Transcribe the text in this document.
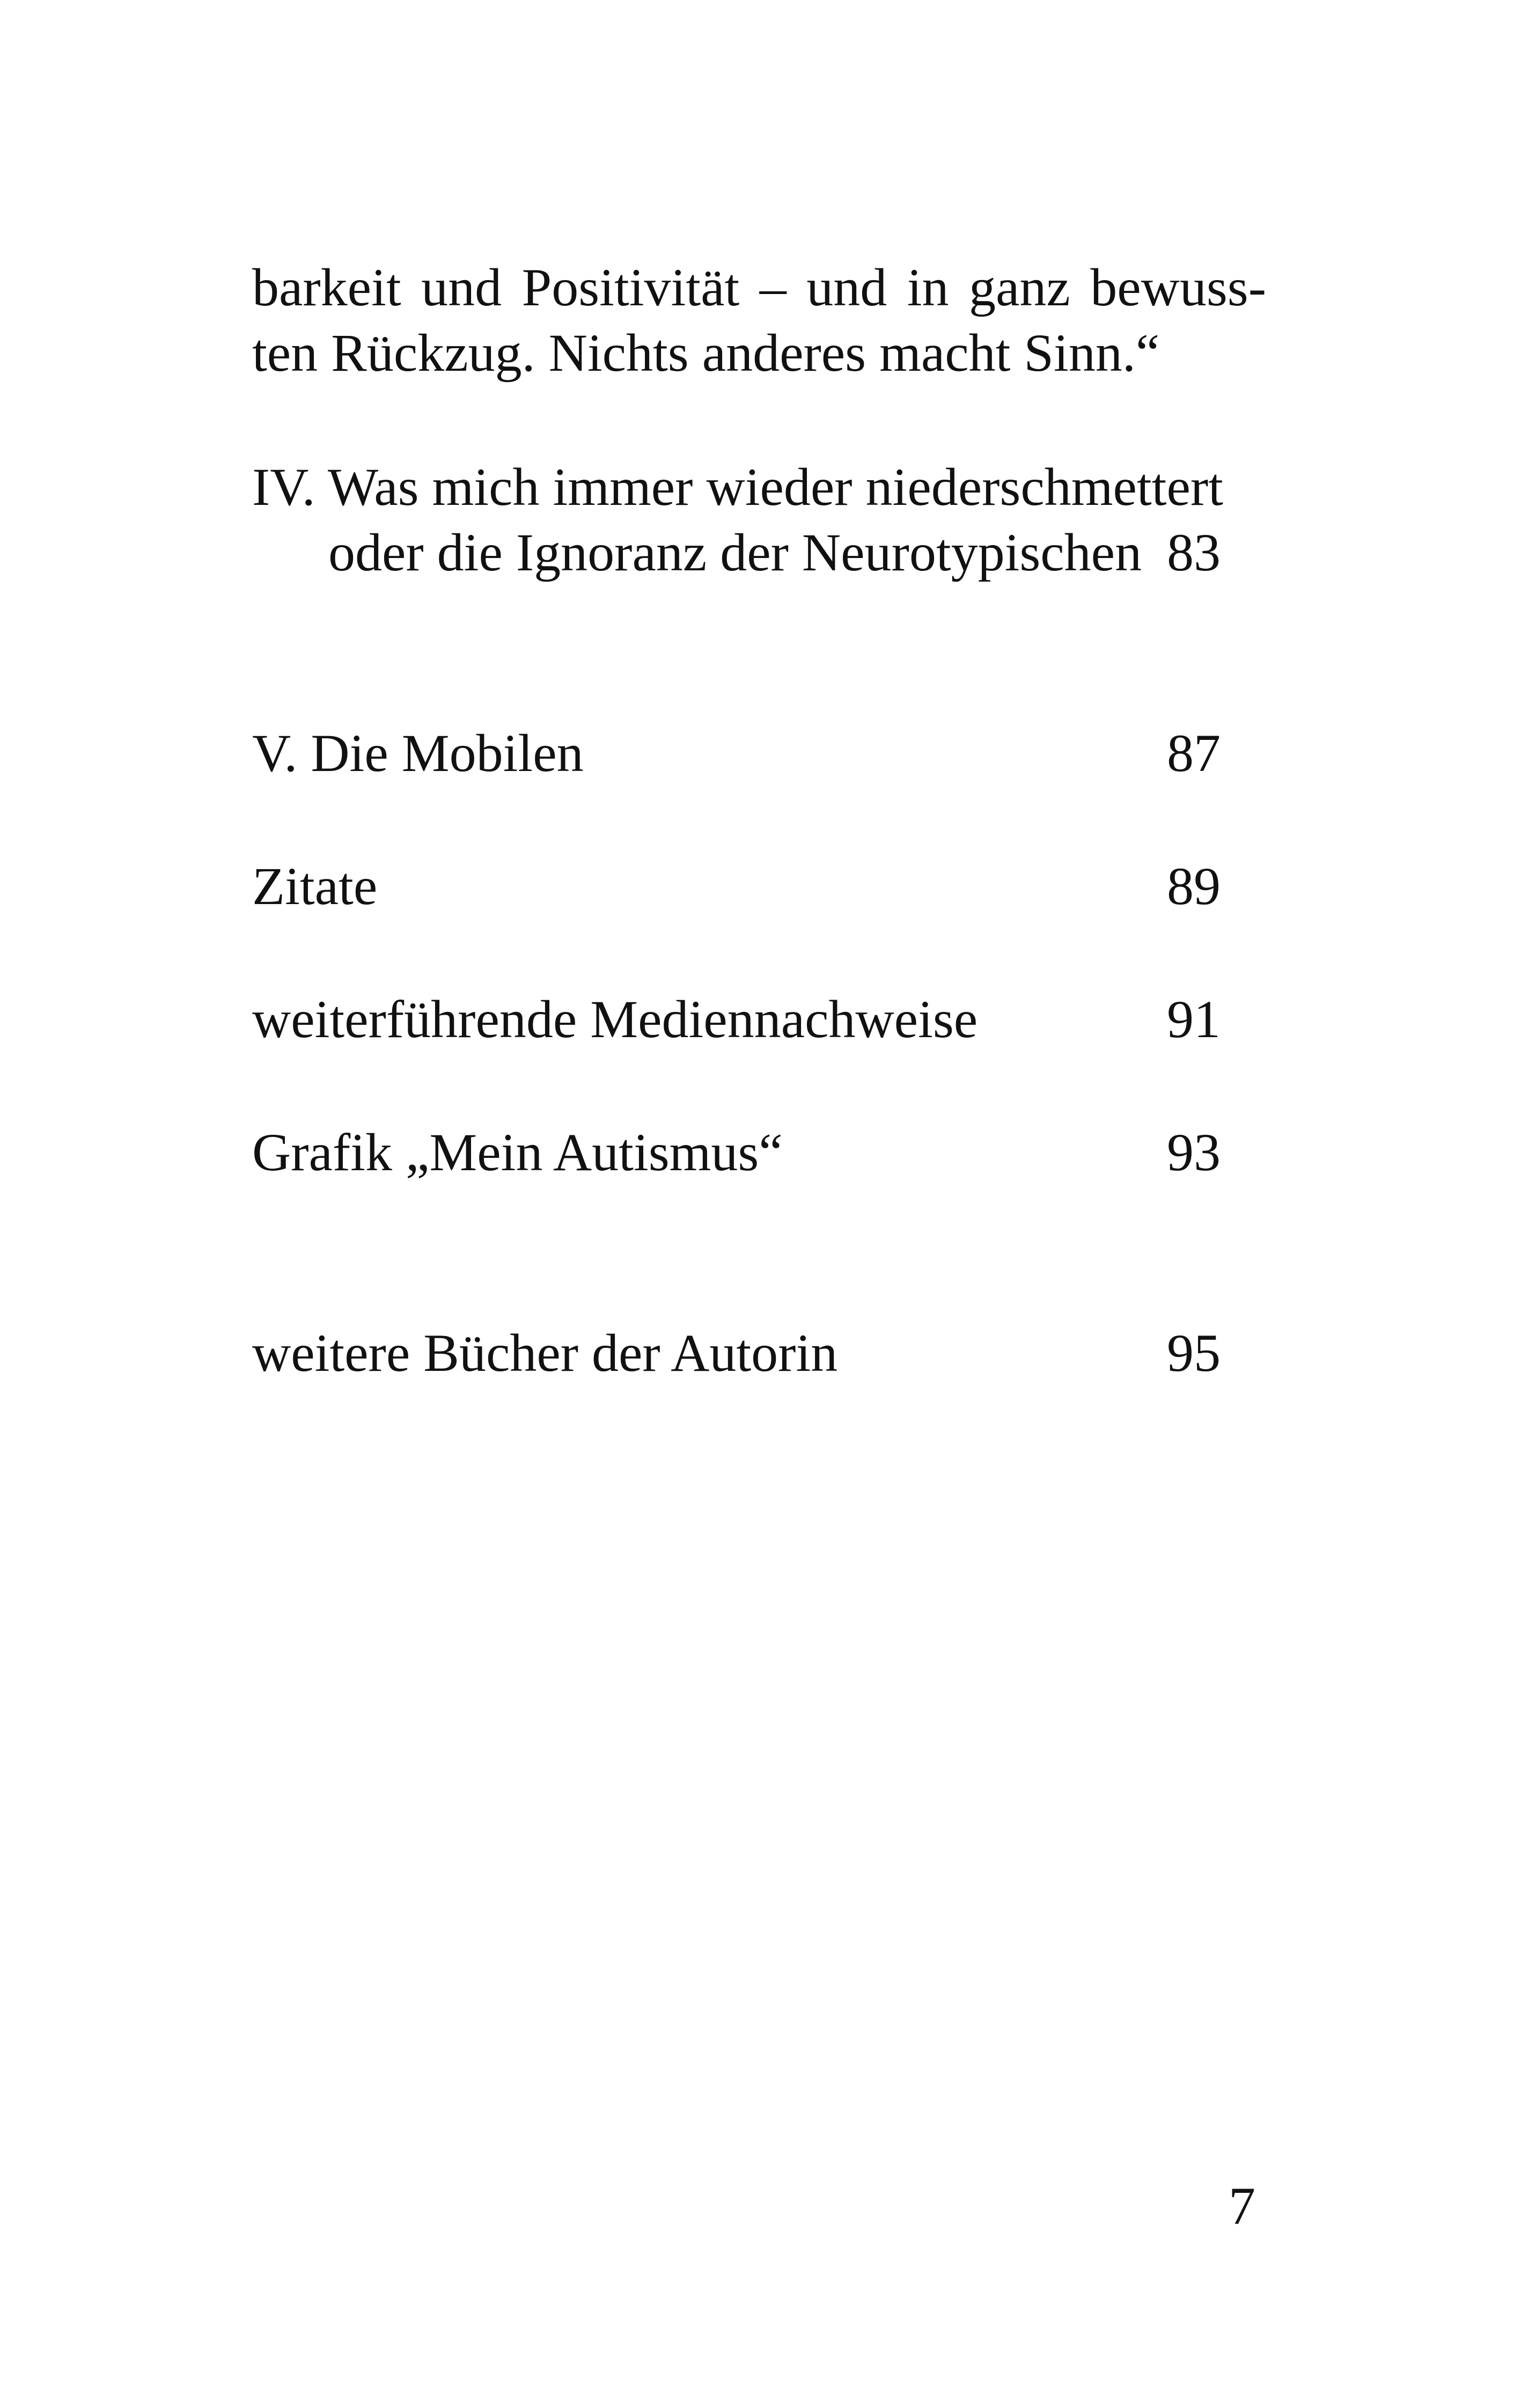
barkeit und Positivität – und in ganz bewuss-
ten Rückzug. Nichts anderes macht Sinn.“
IV. Was mich immer wieder niederschmettert
oder die Ignoranz der Neurotypischen 83
V. Die Mobilen	87
Zitate	89
weiterführende Mediennachweise	91
Grafik „Mein Autismus“	93
weitere Bücher der Autorin	95
7
